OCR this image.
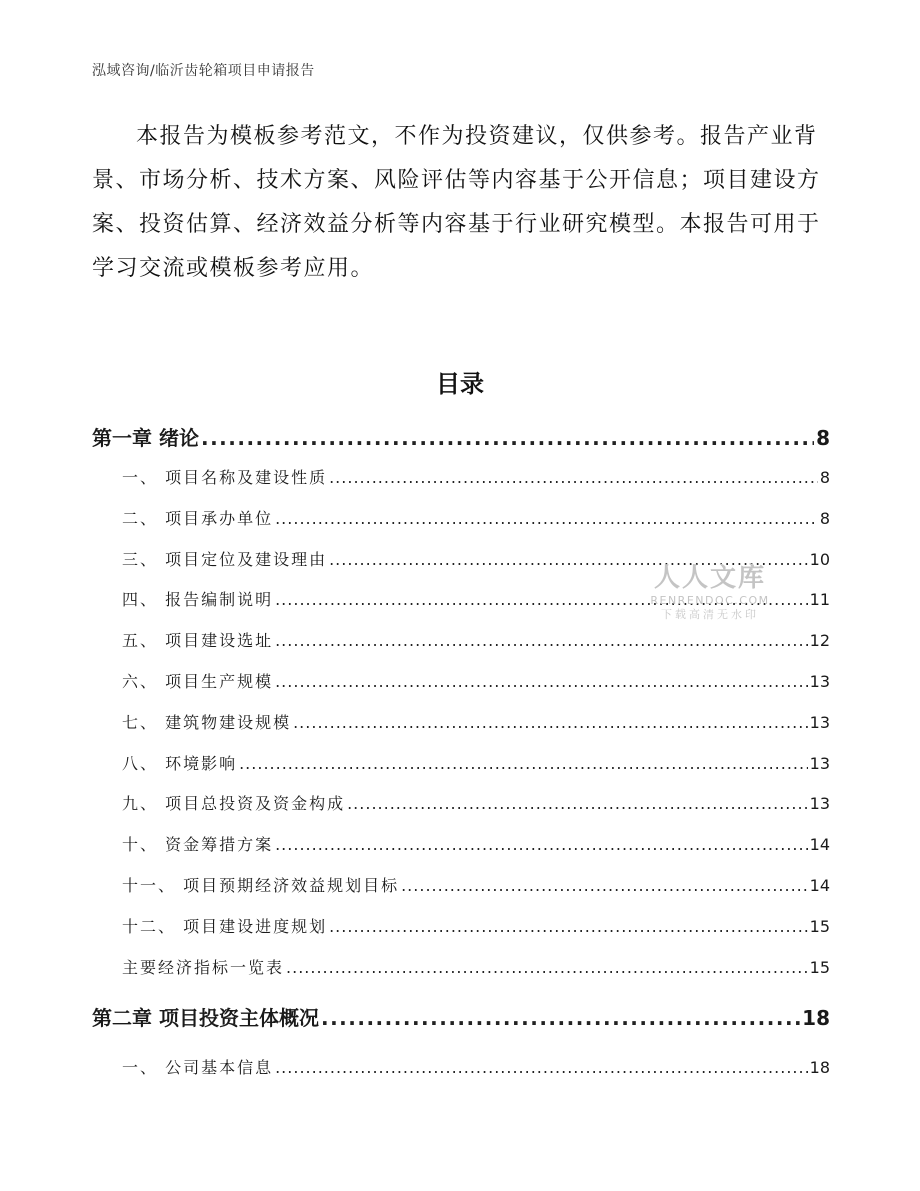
泓域咨询/临沂齿轮箱项目申请报告

本报告为模板参考范文，不作为投资建议，仅供参考。报告产业背景、市场分析、技术方案、风险评估等内容基于公开信息；项目建设方案、投资估算、经济效益分析等内容基于行业研究模型。本报告可用于学习交流或模板参考应用。

目录
第一章 绪论 .....	8
一、 项目名称及建设性质 .....	8
二、 项目承办单位 .....	8
三、 项目定位及建设理由 .....	10
四、 报告编制说明 .....	11
五、 项目建设选址 .....	12
六、 项目生产规模 .....	13
七、 建筑物建设规模 .....	13
八、 环境影响 .....	13
九、 项目总投资及资金构成 .....	13
十、 资金筹措方案 .....	14
十一、 项目预期经济效益规划目标 .....	14
十二、 项目建设进度规划 .....	15
主要经济指标一览表 .....	15
第二章 项目投资主体概况 .....	18
一、 公司基本信息 .....	18
人人文库
RENRENDOC.COM
下载高清无水印
